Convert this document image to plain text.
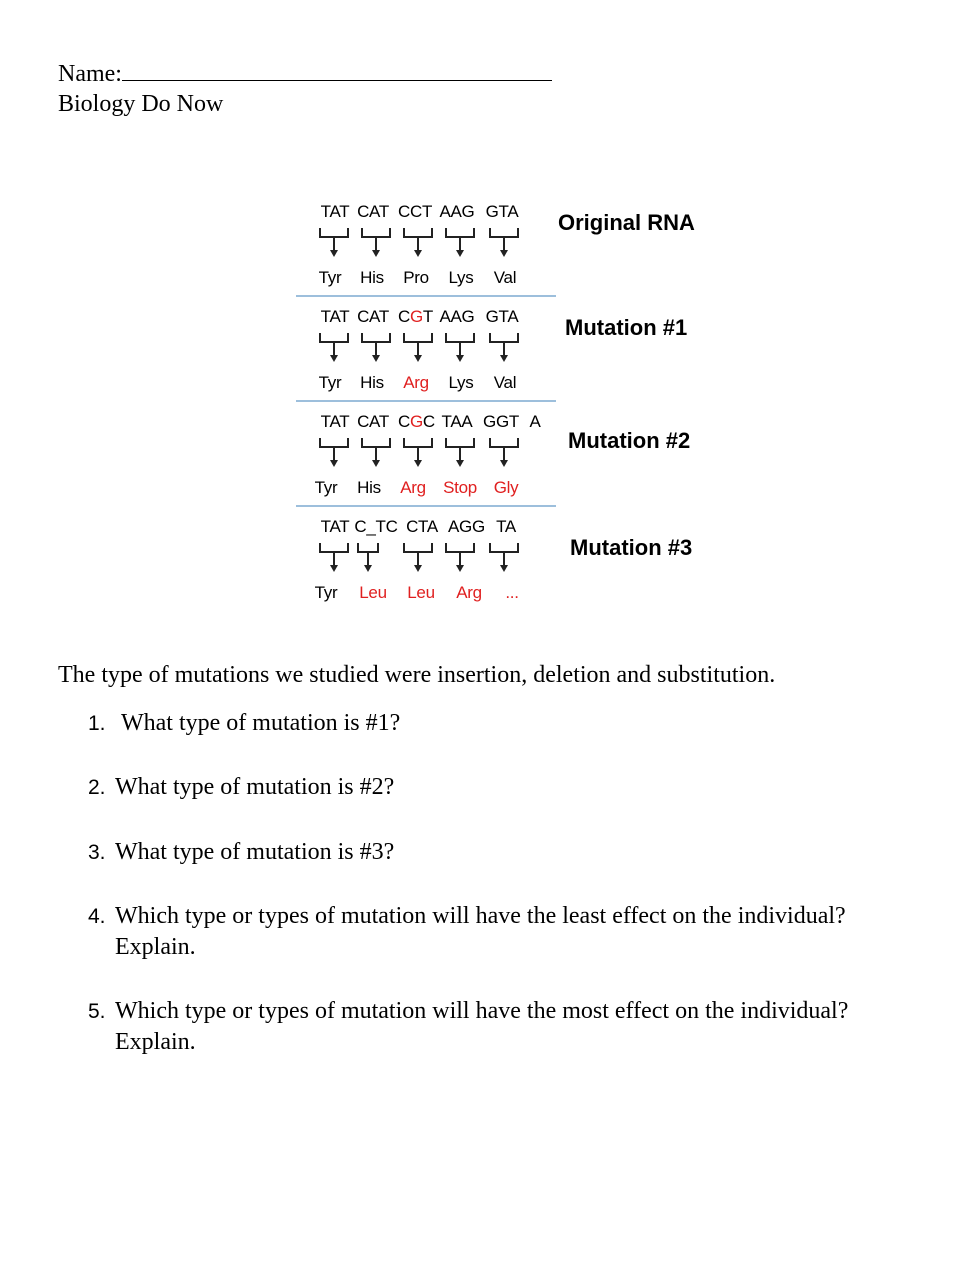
Name:
Biology Do Now
TAT CAT CCT AAG GTA
Tyr His Pro Lys Val
TAT CAT CGT AAG GTA
Tyr His Arg Lys Val
TAT CAT CGC TAA GGT A
Tyr His Arg Stop Gly
TAT C_TC CTA AGG TA
Tyr Leu Leu Arg	...
Original RNA
Mutation #1
Mutation #2
Mutation #3
The type of mutations we studied were insertion, deletion and substitution.
1. What type of mutation is #1?
2. What type of mutation is #2?
3. What type of mutation is #3?
4. Which type or types of mutation will have the least effect on the individual?
Explain.
5. Which type or types of mutation will have the most effect on the individual?
Explain.
